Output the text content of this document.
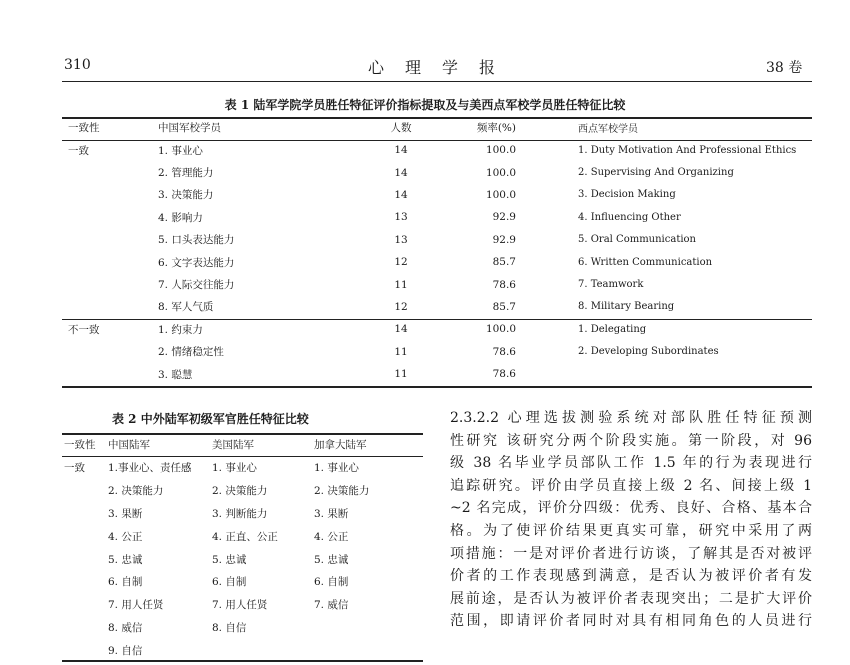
310	心理学报	38 卷
表 1 陆军学院学员胜任特征评价指标提取及与美西点军校学员胜任特征比较
一致性	中国军校学员	人数	频率(%)	西点军校学员
一致	1. 事业心	14	100.0	1. Duty Motivation And Professional Ethics
	2. 管理能力	14	100.0	2. Supervising And Organizing
	3. 决策能力	14	100.0	3. Decision Making
	4. 影响力	13	92.9	4. Influencing Other
	5. 口头表达能力	13	92.9	5. Oral Communication
	6. 文字表达能力	12	85.7	6. Written Communication
	7. 人际交往能力	11	78.6	7. Teamwork
	8. 军人气质	12	85.7	8. Military Bearing
不一致	1. 约束力	14	100.0	1. Delegating
	2. 情绪稳定性	11	78.6	2. Developing Subordinates
	3. 聪慧	11	78.6	
表 2 中外陆军初级军官胜任特征比较
一致性	中国陆军	美国陆军	加拿大陆军
一致	1.事业心、责任感	1. 事业心	1. 事业心
	2. 决策能力	2. 决策能力	2. 决策能力
	3. 果断	3. 判断能力	3. 果断
	4. 公正	4. 正直、公正	4. 公正
	5. 忠诚	5. 忠诚	5. 忠诚
	6. 自制	6. 自制	6. 自制
	7. 用人任贤	7. 用人任贤	7. 威信
	8. 威信	8. 自信	
	9. 自信		
2.3.2.2 心理选拔测验系统对部队胜任特征预测
性研究 该研究分两个阶段实施。第一阶段，对 96
级 38 名毕业学员部队工作 1.5 年的行为表现进行
追踪研究。评价由学员直接上级 2 名、间接上级 1
~2 名完成，评价分四级：优秀、良好、合格、基本合
格。为了使评价结果更真实可靠，研究中采用了两
项措施：一是对评价者进行访谈，了解其是否对被评
价者的工作表现感到满意，是否认为被评价者有发
展前途，是否认为被评价者表现突出；二是扩大评价
范围，即请评价者同时对具有相同角色的人员进行
